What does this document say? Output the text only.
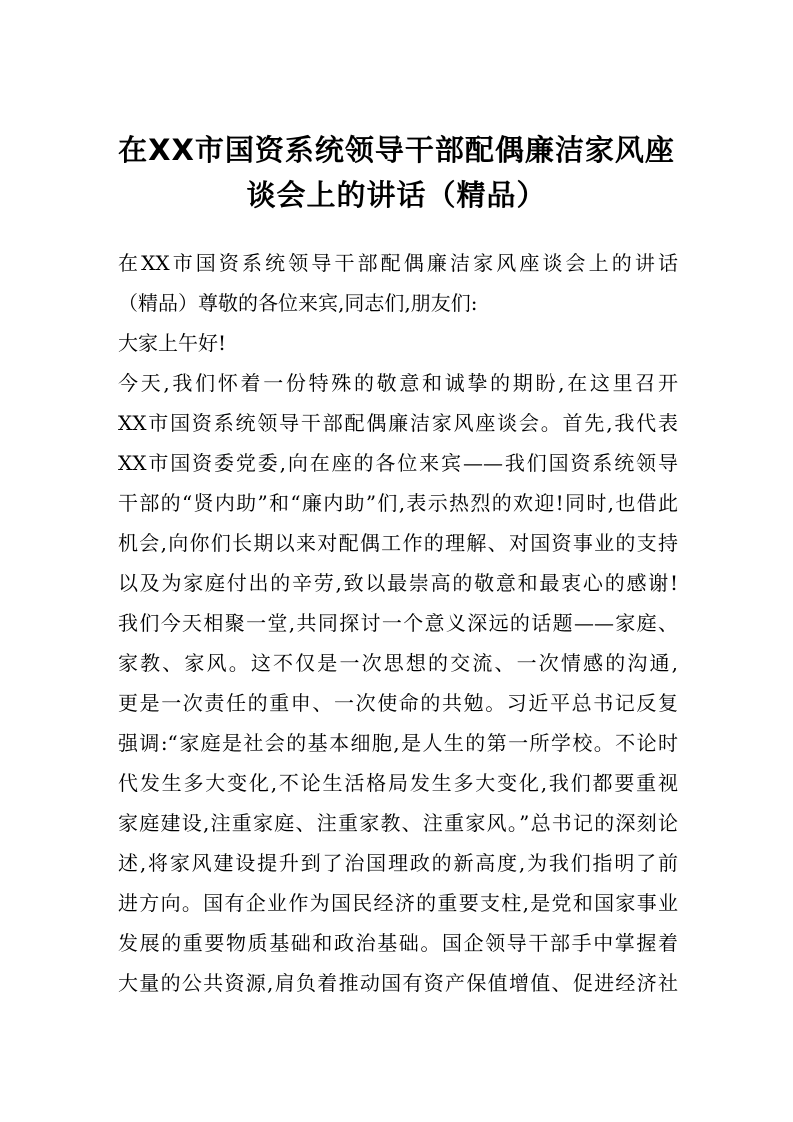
在XX市国资系统领导干部配偶廉洁家风座
谈会上的讲话（精品）
在XX市国资系统领导干部配偶廉洁家风座谈会上的讲话
（精品）尊敬的各位来宾,同志们,朋友们:
大家上午好!
今天,我们怀着一份特殊的敬意和诚挚的期盼,在这里召开
XX市国资系统领导干部配偶廉洁家风座谈会。首先,我代表
XX市国资委党委,向在座的各位来宾——我们国资系统领导
干部的“贤内助”和“廉内助”们,表示热烈的欢迎!同时,也借此
机会,向你们长期以来对配偶工作的理解、对国资事业的支持
以及为家庭付出的辛劳,致以最崇高的敬意和最衷心的感谢!
我们今天相聚一堂,共同探讨一个意义深远的话题——家庭、
家教、家风。这不仅是一次思想的交流、一次情感的沟通,
更是一次责任的重申、一次使命的共勉。习近平总书记反复
强调:“家庭是社会的基本细胞,是人生的第一所学校。不论时
代发生多大变化,不论生活格局发生多大变化,我们都要重视
家庭建设,注重家庭、注重家教、注重家风。”总书记的深刻论
述,将家风建设提升到了治国理政的新高度,为我们指明了前
进方向。国有企业作为国民经济的重要支柱,是党和国家事业
发展的重要物质基础和政治基础。国企领导干部手中掌握着
大量的公共资源,肩负着推动国有资产保值增值、促进经济社
